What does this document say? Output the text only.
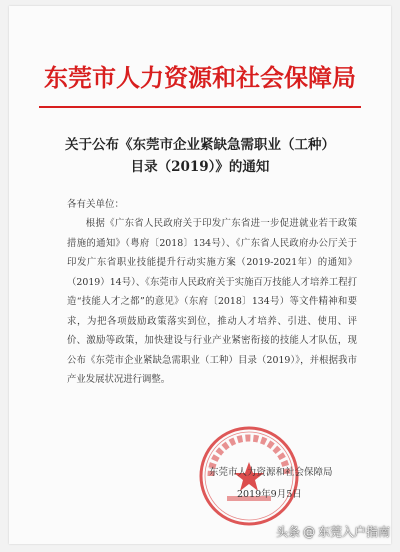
东莞市人力资源和社会保障局
关于公布《东莞市企业紧缺急需职业（工种）
目录（2019）》的通知
各有关单位：
根据《广东省人民政府关于印发广东省进一步促进就业若干政策措施的通知》（粤府〔2018〕134号）、《广东省人民政府办公厅关于印发广东省职业技能提升行动实施方案（2019-2021年）的通知》（2019）14号）、《东莞市人民政府关于实施百万技能人才培养工程打造“技能人才之都”的意见》（东府〔2018〕134号）等文件精神和要求，为把各项鼓励政策落实到位，推动人才培养、引进、使用、评价、激励等政策，加快建设与行业产业紧密衔接的技能人才队伍，现公布《东莞市企业紧缺急需职业（工种）目录（2019）》，并根据我市产业发展状况进行调整。
东莞市人力资源和社会保障局
2019年9月5日
头条 @ 东莞入户指南
